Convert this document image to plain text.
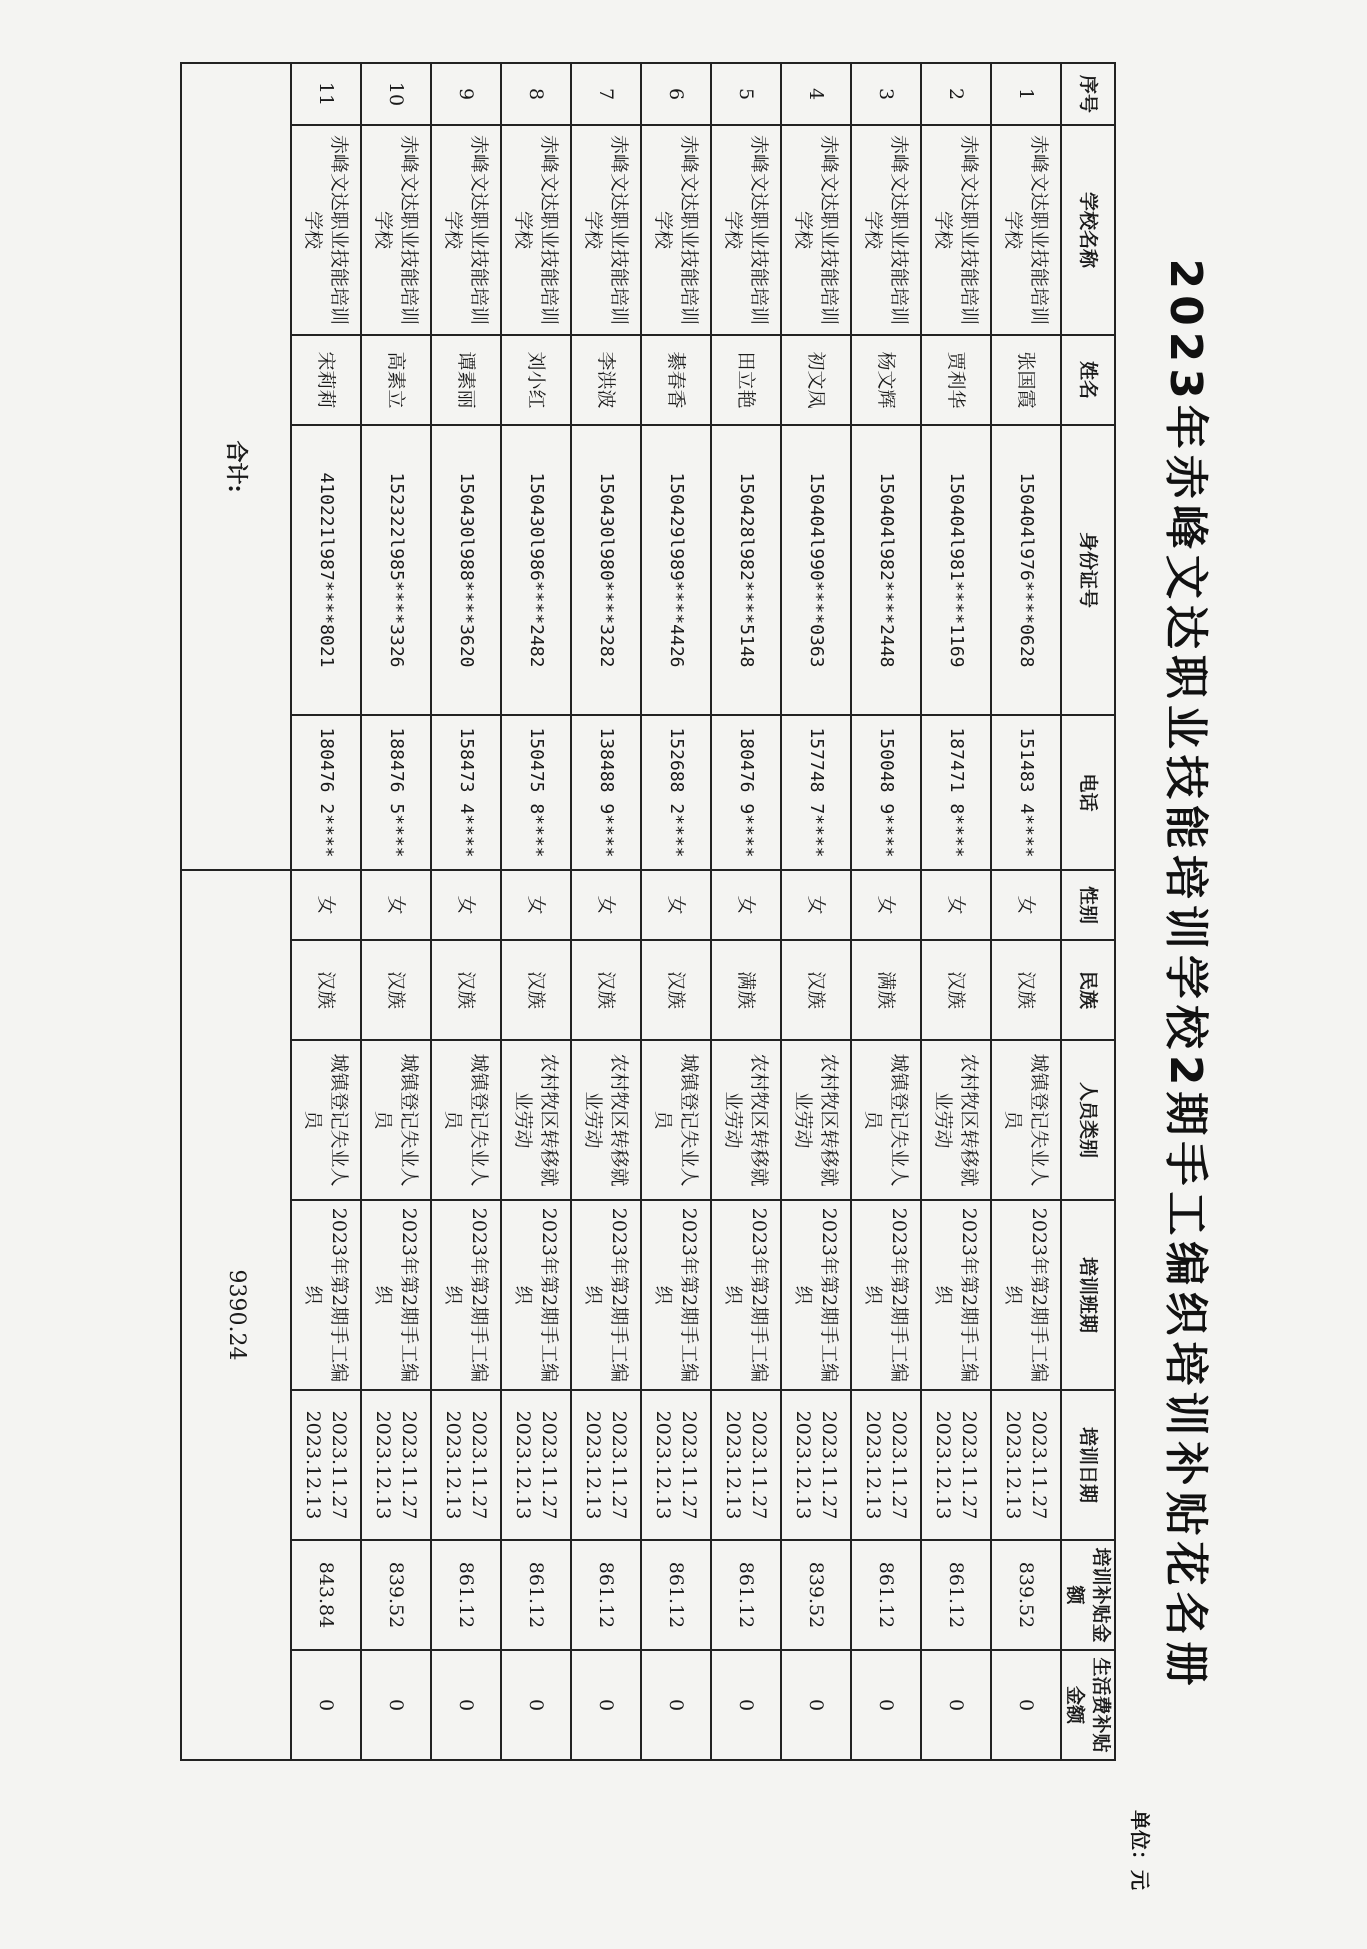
2023年赤峰文达职业技能培训学校2期手工编织培训补贴花名册
单位：元
序号	学校名称	姓名	身份证号	电话	性别	民族	人员类别	培训班期	培训日期	培训补贴金额	生活费补贴金额
1	赤峰文达职业技能培训学校	张国霞	150404l976****0628	151483 4****	女	汉族	城镇登记失业人员	2023年第2期手工编织	2023.11.27 2023.12.13	839.52	0
2	赤峰文达职业技能培训学校	贾利华	150404l981****1169	187471 8****	女	汉族	农村牧区转移就业劳动	2023年第2期手工编织	2023.11.27 2023.12.13	861.12	0
3	赤峰文达职业技能培训学校	杨文辉	150404l982****2448	150048 9****	女	满族	城镇登记失业人员	2023年第2期手工编织	2023.11.27 2023.12.13	861.12	0
4	赤峰文达职业技能培训学校	初文凤	150404l990****0363	157748 7****	女	汉族	农村牧区转移就业劳动	2023年第2期手工编织	2023.11.27 2023.12.13	839.52	0
5	赤峰文达职业技能培训学校	田立艳	150428l982****5148	180476 9****	女	满族	农村牧区转移就业劳动	2023年第2期手工编织	2023.11.27 2023.12.13	861.12	0
6	赤峰文达职业技能培训学校	綦春香	150429l989****4426	152688 2****	女	汉族	城镇登记失业人员	2023年第2期手工编织	2023.11.27 2023.12.13	861.12	0
7	赤峰文达职业技能培训学校	李洪波	150430l980****3282	138488 9****	女	汉族	农村牧区转移就业劳动	2023年第2期手工编织	2023.11.27 2023.12.13	861.12	0
8	赤峰文达职业技能培训学校	刘小红	150430l986****2482	150475 8****	女	汉族	农村牧区转移就业劳动	2023年第2期手工编织	2023.11.27 2023.12.13	861.12	0
9	赤峰文达职业技能培训学校	谭素丽	150430l988****3620	158473 4****	女	汉族	城镇登记失业人员	2023年第2期手工编织	2023.11.27 2023.12.13	861.12	0
10	赤峰文达职业技能培训学校	高素立	152322l985****3326	188476 5****	女	汉族	城镇登记失业人员	2023年第2期手工编织	2023.11.27 2023.12.13	839.52	0
11	赤峰文达职业技能培训学校	宋莉莉	410221l987****8021	180476 2****	女	汉族	城镇登记失业人员	2023年第2期手工编织	2023.11.27 2023.12.13	843.84	0
合计:					9390.24						
